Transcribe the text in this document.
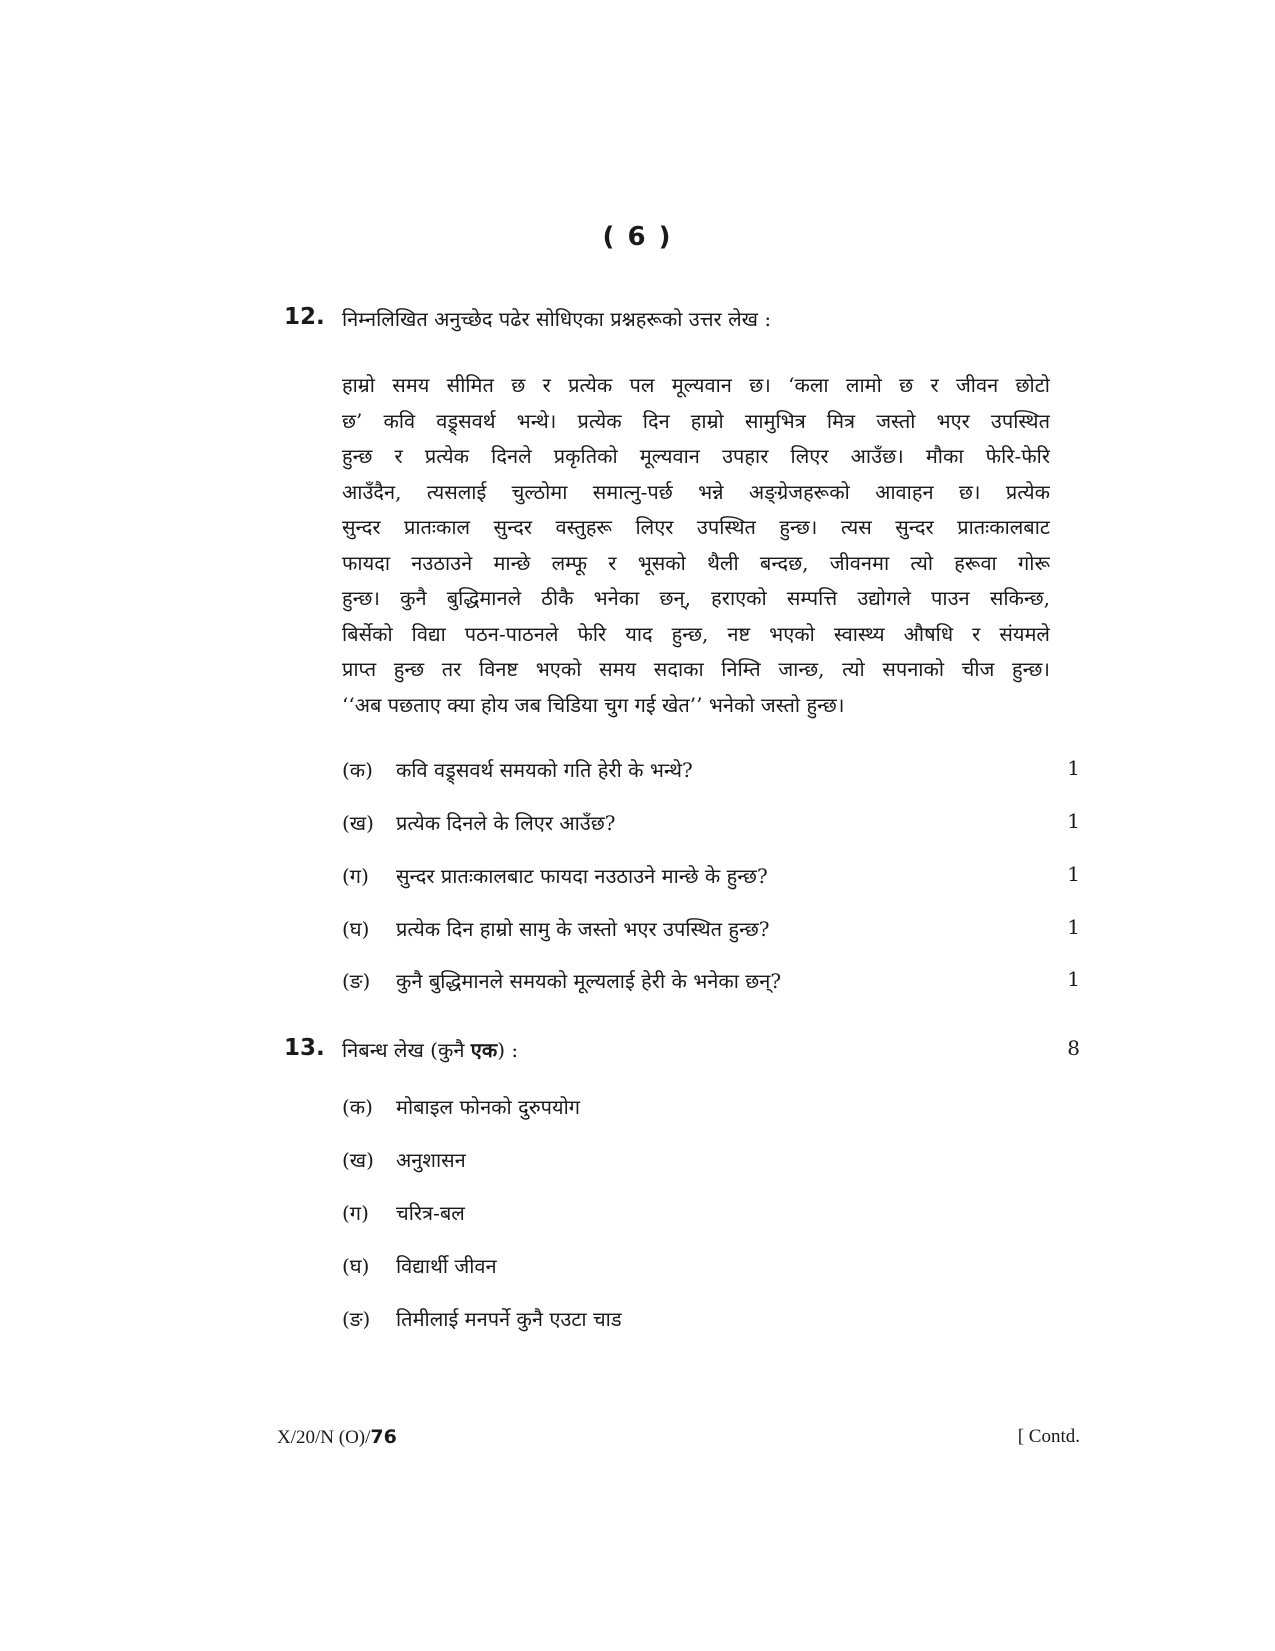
( 6 )
12. निम्नलिखित अनुच्छेद पढेर सोधिएका प्रश्नहरूको उत्तर लेख :
हाम्रो समय सीमित छ र प्रत्येक पल मूल्यवान छ। ‘कला लामो छ र जीवन छोटो
छ’ कवि वड्र्सवर्थ भन्थे। प्रत्येक दिन हाम्रो सामुभित्र मित्र जस्तो भएर उपस्थित
हुन्छ र प्रत्येक दिनले प्रकृतिको मूल्यवान उपहार लिएर आउँछ। मौका फेरि-फेरि
आउँदैन, त्यसलाई चुल्ठोमा समात्नु-पर्छ भन्ने अङ्ग्रेजहरूको आवाहन छ। प्रत्येक
सुन्दर प्रातःकाल सुन्दर वस्तुहरू लिएर उपस्थित हुन्छ। त्यस सुन्दर प्रातःकालबाट
फायदा नउठाउने मान्छे लम्फू र भूसको थैली बन्दछ, जीवनमा त्यो हरूवा गोरू
हुन्छ। कुनै बुद्धिमानले ठीकै भनेका छन्, हराएको सम्पत्ति उद्योगले पाउन सकिन्छ,
बिर्सेको विद्या पठन-पाठनले फेरि याद हुन्छ, नष्ट भएको स्वास्थ्य औषधि र संयमले
प्राप्त हुन्छ तर विनष्ट भएको समय सदाका निम्ति जान्छ, त्यो सपनाको चीज हुन्छ।
‘‘अब पछताए क्या होय जब चिडिया चुग गई खेत’’ भनेको जस्तो हुन्छ।
(क) कवि वड्र्सवर्थ समयको गति हेरी के भन्थे?	1
(ख) प्रत्येक दिनले के लिएर आउँछ?	1
(ग) सुन्दर प्रातःकालबाट फायदा नउठाउने मान्छे के हुन्छ?	1
(घ) प्रत्येक दिन हाम्रो सामु के जस्तो भएर उपस्थित हुन्छ?	1
(ङ) कुनै बुद्धिमानले समयको मूल्यलाई हेरी के भनेका छन्?	1
13. निबन्ध लेख (कुनै एक) :	8
(क) मोबाइल फोनको दुरुपयोग
(ख) अनुशासन
(ग) चरित्र-बल
(घ) विद्यार्थी जीवन
(ङ) तिमीलाई मनपर्ने कुनै एउटा चाड
X/20/N (O)/76	[ Contd.
